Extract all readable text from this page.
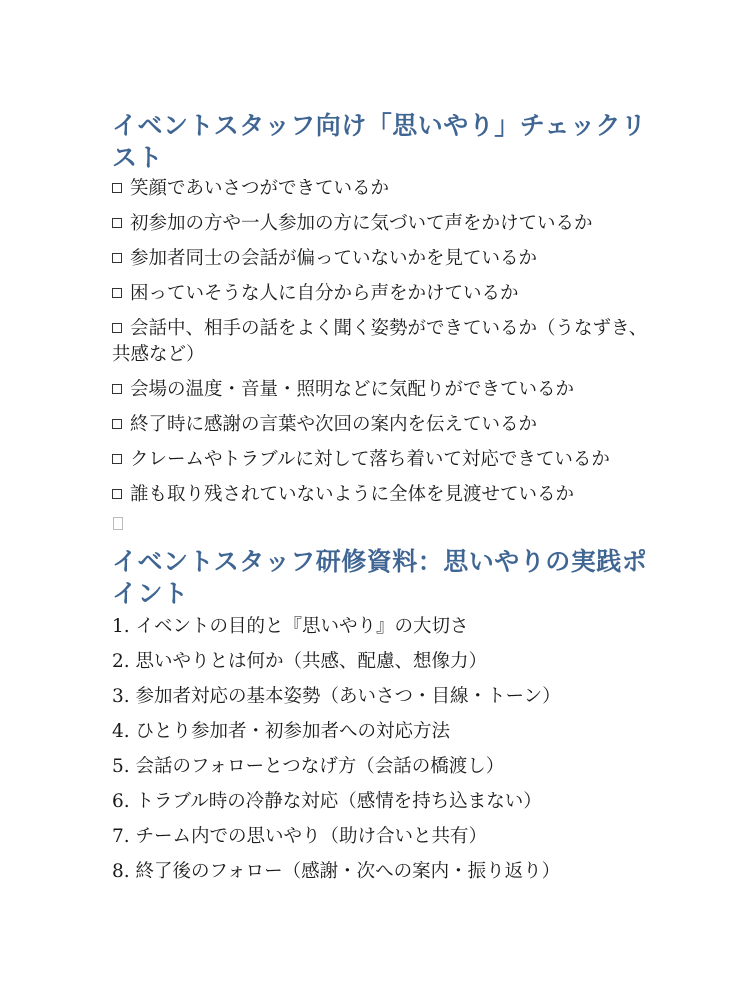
イベントスタッフ向け「思いやり」チェックリスト
笑顔であいさつができているか
初参加の方や一人参加の方に気づいて声をかけているか
参加者同士の会話が偏っていないかを見ているか
困っていそうな人に自分から声をかけているか
会話中、相手の話をよく聞く姿勢ができているか（うなずき、共感など）
会場の温度・音量・照明などに気配りができているか
終了時に感謝の言葉や次回の案内を伝えているか
クレームやトラブルに対して落ち着いて対応できているか
誰も取り残されていないように全体を見渡せているか
イベントスタッフ研修資料：思いやりの実践ポイント
1. イベントの目的と『思いやり』の大切さ
2. 思いやりとは何か（共感、配慮、想像力）
3. 参加者対応の基本姿勢（あいさつ・目線・トーン）
4. ひとり参加者・初参加者への対応方法
5. 会話のフォローとつなげ方（会話の橋渡し）
6. トラブル時の冷静な対応（感情を持ち込まない）
7. チーム内での思いやり（助け合いと共有）
8. 終了後のフォロー（感謝・次への案内・振り返り）
